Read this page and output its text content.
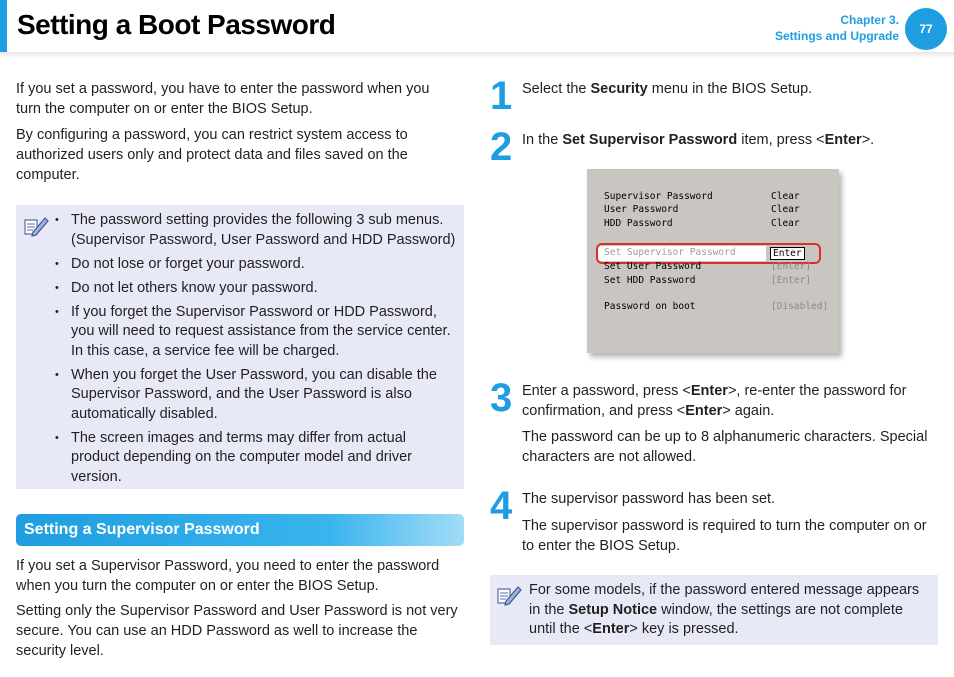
Setting a Boot Password	Chapter 3.
Settings and Upgrade	77

If you set a password, you have to enter the password when you turn the computer on or enter the BIOS Setup.

By configuring a password, you can restrict system access to authorized users only and protect data and files saved on the computer.

• The password setting provides the following 3 sub menus. (Supervisor Password, User Password and HDD Password)
• Do not lose or forget your password.
• Do not let others know your password.
• If you forget the Supervisor Password or HDD Password, you will need to request assistance from the service center. In this case, a service fee will be charged.
• When you forget the User Password, you can disable the Supervisor Password, and the User Password is also automatically disabled.
• The screen images and terms may differ from actual product depending on the computer model and driver version.
Setting a Supervisor Password

If you set a Supervisor Password, you need to enter the password when you turn the computer on or enter the BIOS Setup.

Setting only the Supervisor Password and User Password is not very secure. You can use an HDD Password as well to increase the security level.

1 Select the Security menu in the BIOS Setup.

2 In the Set Supervisor Password item, press <Enter>.

Supervisor Password	Clear
User Password	Clear
HDD Password	Clear
Set Supervisor Password	Enter
Set User Password	[Enter]
Set HDD Password	[Enter]
Password on boot	[Disabled]
3 Enter a password, press <Enter>, re-enter the password for confirmation, and press <Enter> again.

The password can be up to 8 alphanumeric characters. Special characters are not allowed.

4 The supervisor password has been set.

The supervisor password is required to turn the computer on or to enter the BIOS Setup.

For some models, if the password entered message appears in the Setup Notice window, the settings are not complete until the <Enter> key is pressed.
